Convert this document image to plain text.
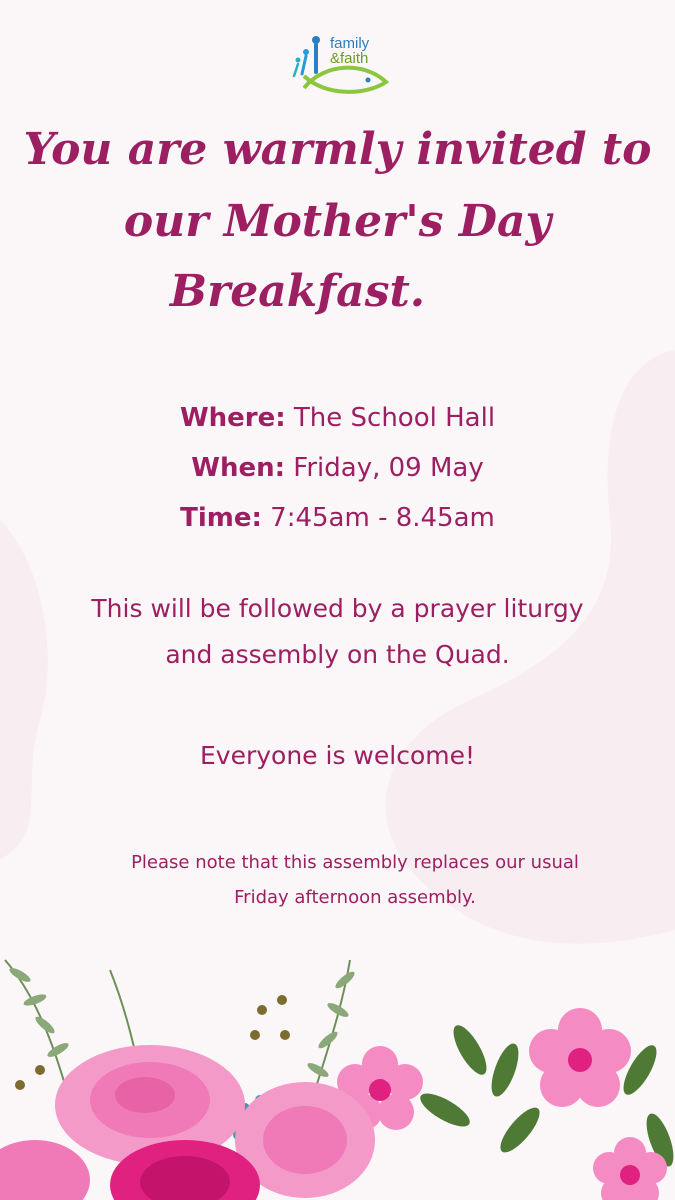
family
&faith
You are warmly invited to
our Mother's Day
Breakfast.
Where: The School Hall
When: Friday, 09 May
Time: 7:45am - 8.45am
This will be followed by a prayer liturgy
and assembly on the Quad.
Everyone is welcome!
Please note that this assembly replaces our usual
Friday afternoon assembly.
